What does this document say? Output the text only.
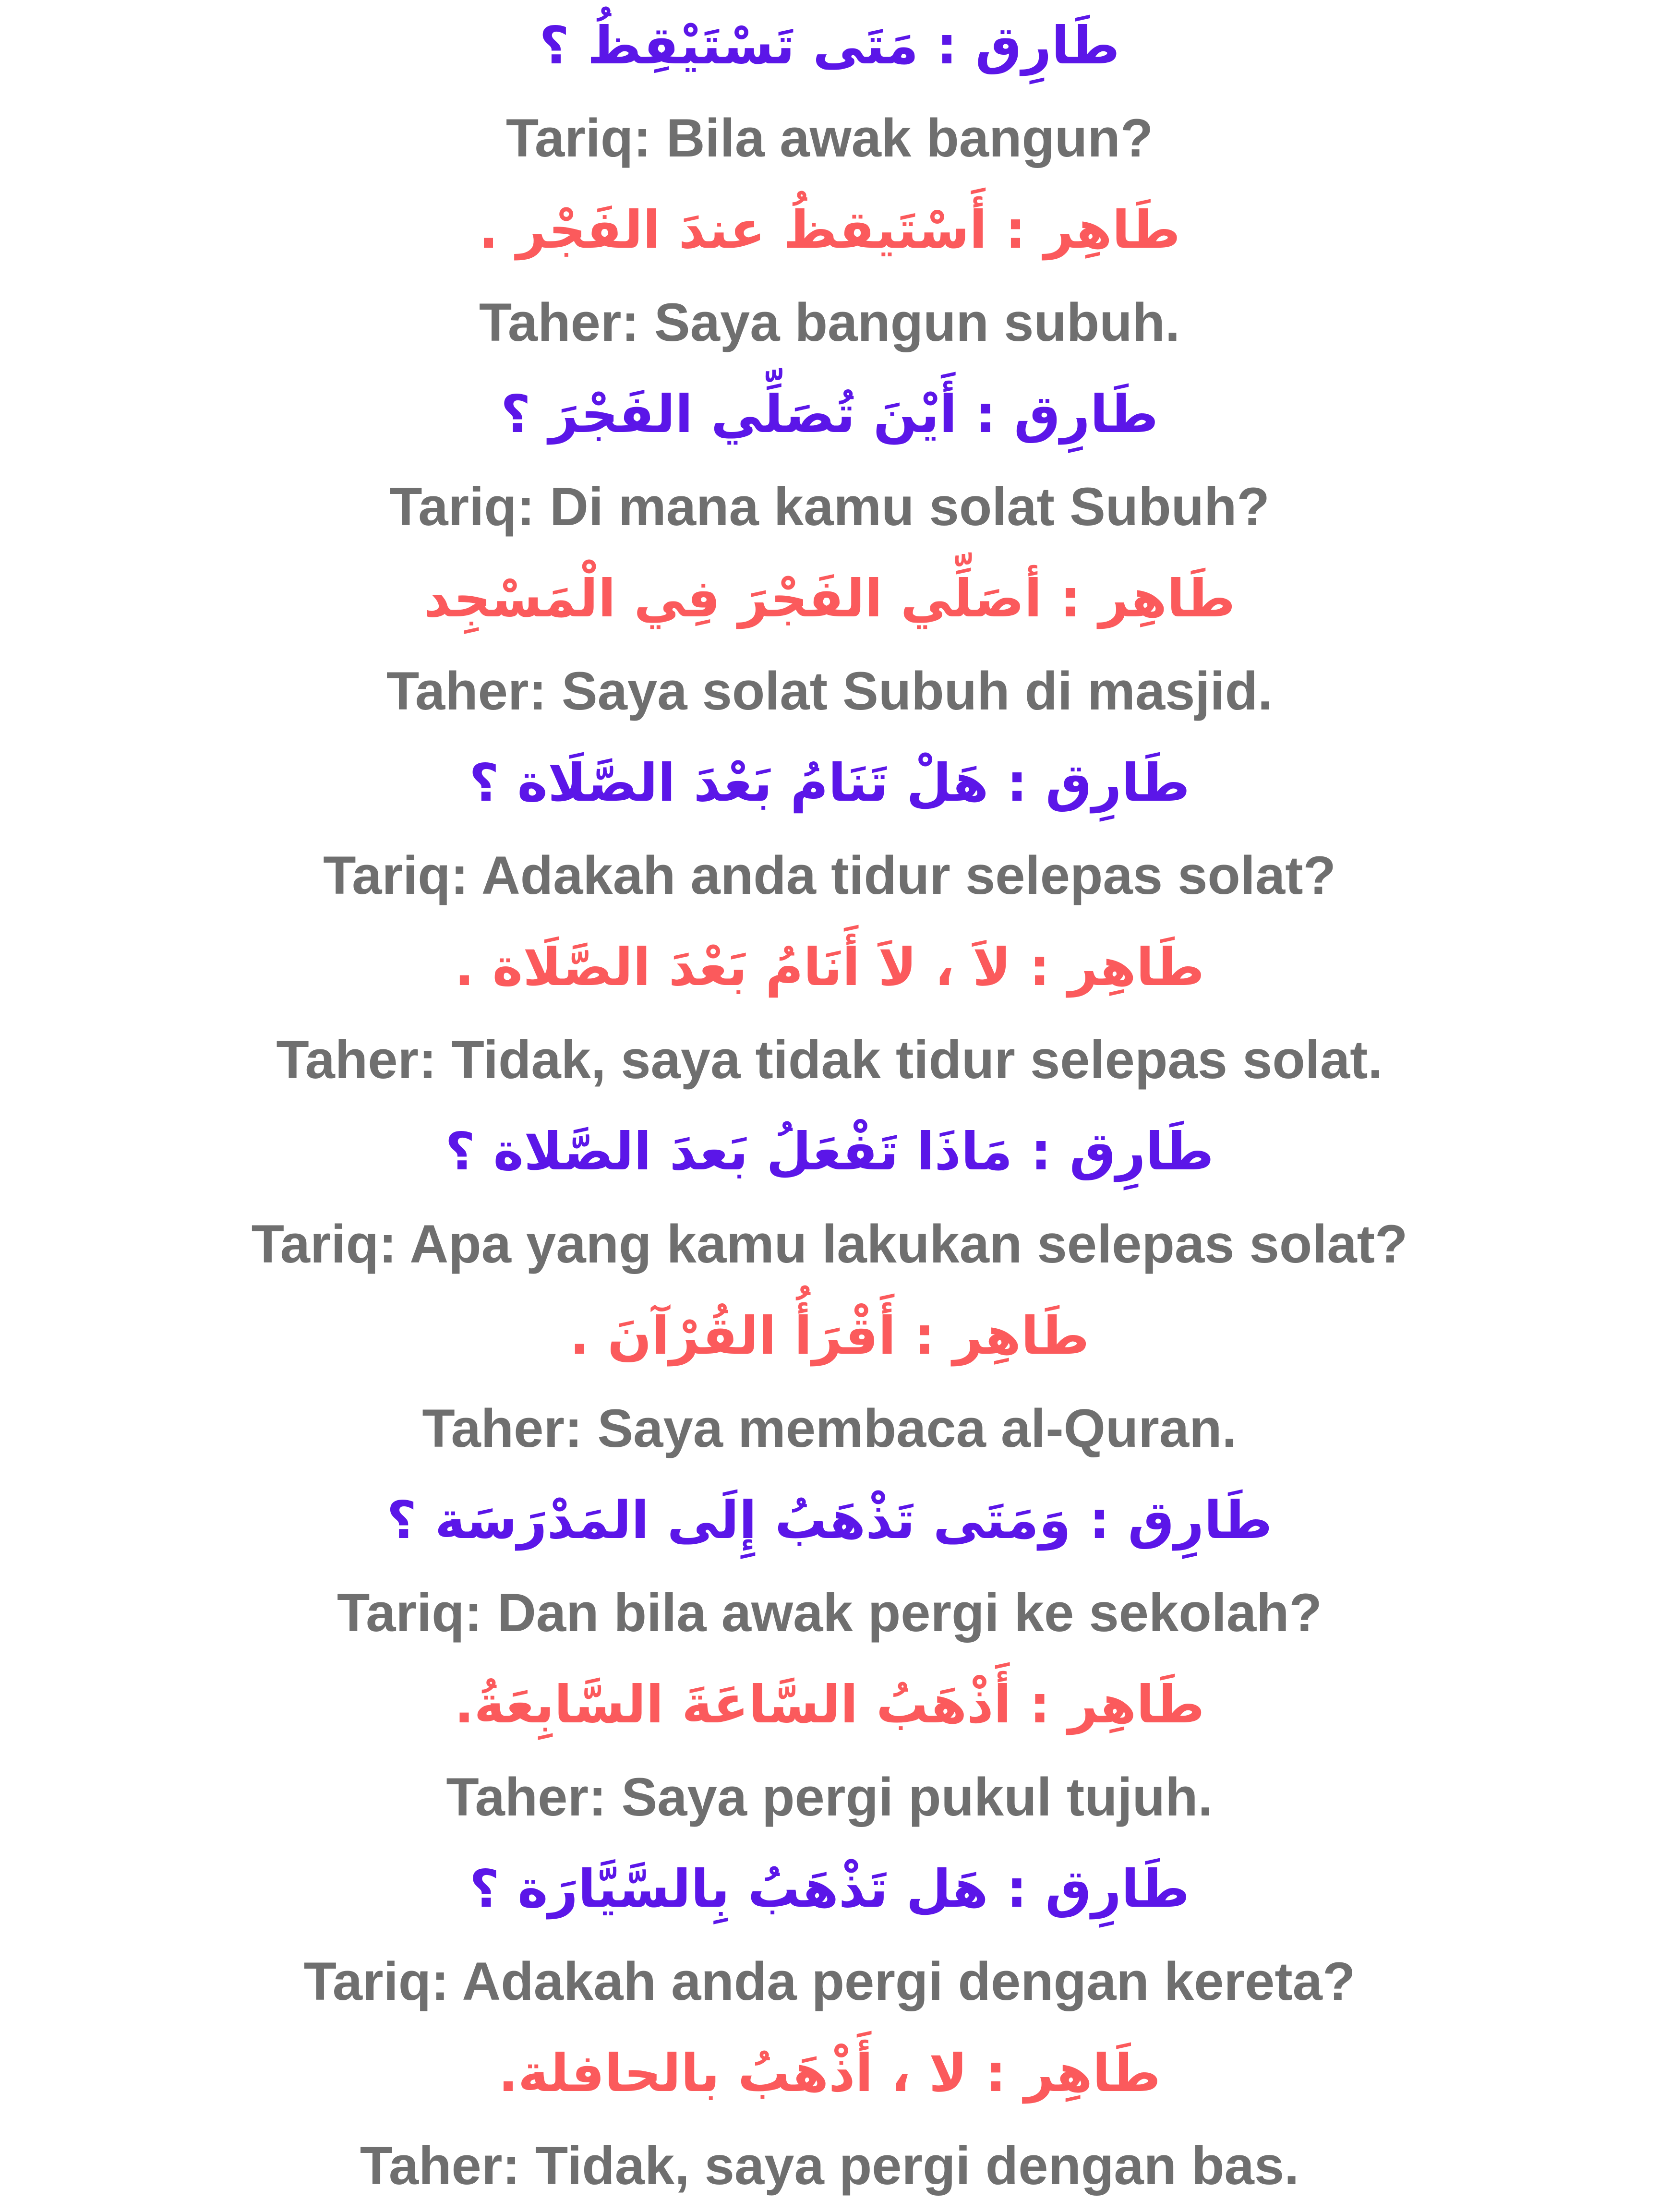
طَارِق : مَتَى تَسْتَيْقِظُ ؟
Tariq: Bila awak bangun?
طَاهِر : أَسْتَيقظُ عندَ الفَجْر .
Taher: Saya bangun subuh.
طَارِق : أَيْنَ تُصَلِّي الفَجْرَ ؟
Tariq: Di mana kamu solat Subuh?
طَاهِر : أصَلِّي الفَجْرَ فِي الْمَسْجِد
Taher: Saya solat Subuh di masjid.
طَارِق : هَلْ تَنَامُ بَعْدَ الصَّلَاة ؟
Tariq: Adakah anda tidur selepas solat?
طَاهِر : لاَ ، لاَ أَنَامُ بَعْدَ الصَّلَاة .
Taher: Tidak, saya tidak tidur selepas solat.
طَارِق : مَاذَا تَفْعَلُ بَعدَ الصَّلاة ؟
Tariq: Apa yang kamu lakukan selepas solat?
طَاهِر : أَقْرَأُ القُرْآنَ .
Taher: Saya membaca al-Quran.
طَارِق : وَمَتَى تَذْهَبُ إِلَى المَدْرَسَة ؟
Tariq: Dan bila awak pergi ke sekolah?
طَاهِر : أَذْهَبُ السَّاعَةَ السَّابِعَةُ.
Taher: Saya pergi pukul tujuh.
طَارِق : هَل تَذْهَبُ بِالسَّيَّارَة ؟
Tariq: Adakah anda pergi dengan kereta?
طَاهِر : لا ، أَذْهَبُ بالحافلة.
Taher: Tidak, saya pergi dengan bas.
